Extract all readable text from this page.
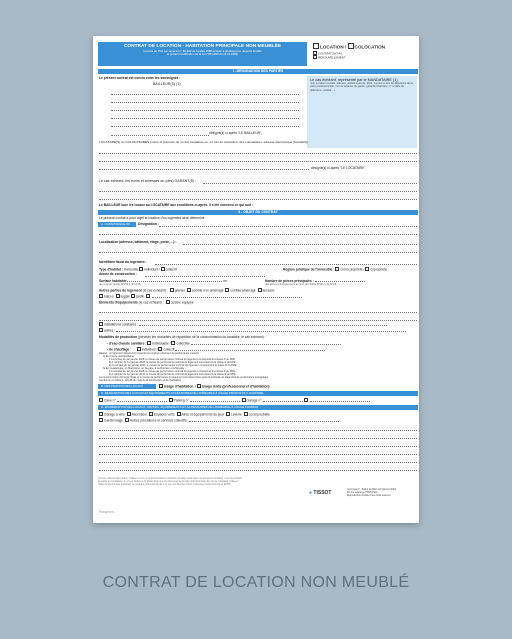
CONTRAT DE LOCATION - HABITATION PRINCIPALE NON MEUBLÉE
(soumis au Titre 1er de la loi n° 89-462 du 6 juillet 1989 tendant à améliorer les rapports locatifs
et portant modification de la loi n°86-1290 du 23.12.1986)
LOCATION / COLOCATION
CONTRAT INITIAL
RENOUVELLEMENT
I - DÉSIGNATION DES PARTIES
Le présent contrat est conclu entre les soussignés :
BAILLEUR(S) (1)
désigné(s) ci-après "LE BAILLEUR",
Le cas échéant, représenté par le MANDATAIRE (1)
nom ou raison sociale, adresse, activité exercée, RCS, numéro et lieu de délivrance de la
carte professionnelle, nom et adresse du garant, garantie financière, n° et date de
délivrance, activité…)
LOCATAIRE(S) ou COLOCATAIRES (noms et prénoms de ou des locataires ou, en cas de colocation, des colocataires, adresse électronique (facultatif))
désigné(s) ci-après "LE LOCATAIRE".
Le cas échéant, les noms et adresses du (des) GARANT(S) :
Le BAILLEUR loue les locaux au LOCATAIRE aux conditions ci-après. Il a été convenu ce qui suit :
II - OBJET DU CONTRAT
Le présent contrat a pour objet la location d'un logement ainsi déterminé :
A. CONSISTANCE DU LOGEMENT
Désignation :
Localisation (adresse, bâtiment, étage, porte, ...) :
Identifiant fiscal du logement :
Type d'habitat : immeuble individuel / collectif	Régime juridique de l'immeuble : mono propriété / copropriété
Année de construction :
Surface habitable	m²
(au sens de l'article R*156-1 du CCH)
Nombre de pièces principales :
(les pièces principales sont au sens de l'article R*111-1 du CCH)
Autres parties du logement (le cas échéant) : grenier comble non aménagé comble aménagé terrasse
balcon loggia jardin
Éléments d'équipements (le cas échéant) : cuisine équipée
installations sanitaires :
autres :
Modalités de production (préciser les modalités de répartition de la consommation du locataire, le cas échéant) :
- d'eau chaude sanitaire : individuelle / collective
- de chauffage :	individuel / collectif
Rappel : un logement décent doit respecter les critères minimaux de performance suivants :
a) En France métropolitaine :
i) A compter du 1er janvier 2025, le niveau de performance minimal du logement correspond à la classe F du DPE ;
ii) A compter du 1er janvier 2028, le niveau de performance minimal du logement correspond à la classe E du DPE ;
iii) A compter du 1er janvier 2034, le niveau de performance minimal du logement correspond à la classe D du DPE.
b) En Guadeloupe, en Martinique, en Guyane, à La Réunion et à Mayotte :
i) A compter du 1er janvier 2028, le niveau de performance minimal du logement correspond à la classe F du DPE ;
ii) A compter du 1er janvier 2031, le niveau de performance minimal du logement correspond à la classe E du DPE.
La consommation d'énergie finale et le niveau de performance du logement sont déterminés selon la méthode du diagnostic de performance énergétique
mentionné à l'article L. 126-26 du code de la construction et de l'habitation.
B. DESTINATION DES LOCAUX	Usage d'habitation  / Usage mixte (professionnel et d'habitation)
C. DÉSIGNATION DES LOCAUX ET ÉQUIPEMENTS ACCESSOIRES DE L'IMMEUBLE À USAGE PRIVATIF DU LOCATAIRE
Cave n°	Parking n°	Garage n°
D. ÉNUMÉRATION DES LOCAUX, PARTIES, ÉQUIPEMENTS ET ACCESSOIRES DE L'IMMEUBLE À USAGE COMMUN
Garage à vélo Ascenseur Espaces verts Aires et équipements de jeux Laverie Local poubelle
Gardiennage Autres prestations et services collectifs :
(1) Pour chacune des parties, indiquer le nom ou la dénomination et l'adresse du siège social (pour les personnes morales), et le cas échéant
la qualité du mandataire, le nom et l'adresse du garant ainsi que les références de la carte professionnelle. En cas de colocation, indiquer
l'adresse électronique (facultatif). Le locataire pourra demander à ce que ses données soient conservées conformément au RGPD.
● TISSOT	www.tissot.fr - BAIL2 2a.SNP-1-M (janvier 2024)
19, rue Lagrange 75005 Paris
Reproduction interdite Tous droits réservés
Paraphes :
CONTRAT DE LOCATION NON MEUBLÉ
